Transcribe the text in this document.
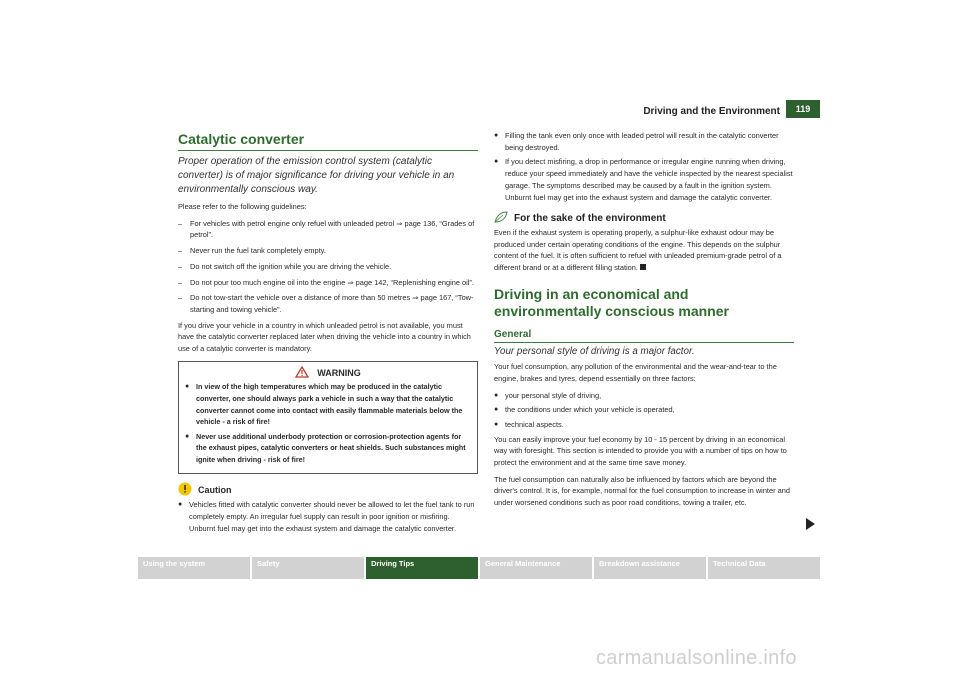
Driving and the Environment	119
Catalytic converter
Proper operation of the emission control system (catalytic converter) is of major significance for driving your vehicle in an environmentally conscious way.

Please refer to the following guidelines:

–	For vehicles with petrol engine only refuel with unleaded petrol ⇒ page 136, “Grades of petrol”.
–	Never run the fuel tank completely empty.
–	Do not switch off the ignition while you are driving the vehicle.
–	Do not pour too much engine oil into the engine ⇒ page 142, “Replenishing engine oil”.
–	Do not tow-start the vehicle over a distance of more than 50 metres ⇒ page 167, “Tow-starting and towing vehicle”.

If you drive your vehicle in a country in which unleaded petrol is not available, you must have the catalytic converter replaced later when driving the vehicle into a country in which use of a catalytic converter is mandatory.

WARNING
● In view of the high temperatures which may be produced in the catalytic converter, one should always park a vehicle in such a way that the catalytic converter cannot come into contact with easily flammable materials below the vehicle - a risk of fire!
● Never use additional underbody protection or corrosion-protection agents for the exhaust pipes, catalytic converters or heat shields. Such substances might ignite when driving - risk of fire!
Caution
● Vehicles fitted with catalytic converter should never be allowed to let the fuel tank to run completely empty. An irregular fuel supply can result in poor ignition or misfiring. Unburnt fuel may get into the exhaust system and damage the catalytic converter.
● Filling the tank even only once with leaded petrol will result in the catalytic converter being destroyed.
● If you detect misfiring, a drop in performance or irregular engine running when driving, reduce your speed immediately and have the vehicle inspected by the nearest specialist garage. The symptoms described may be caused by a fault in the ignition system. Unburnt fuel may get into the exhaust system and damage the catalytic converter.
For the sake of the environment

Even if the exhaust system is operating properly, a sulphur-like exhaust odour may be produced under certain operating conditions of the engine. This depends on the sulphur content of the fuel. It is often sufficient to refuel with unleaded premium-grade petrol of a different brand or at a different filling station.

Driving in an economical and environmentally conscious manner
General
Your personal style of driving is a major factor.

Your fuel consumption, any pollution of the environmental and the wear-and-tear to the engine, brakes and tyres, depend essentially on three factors:

● your personal style of driving,
● the conditions under which your vehicle is operated,
● technical aspects.

You can easily improve your fuel economy by 10 - 15 percent by driving in an economical way with foresight. This section is intended to provide you with a number of tips on how to protect the environment and at the same time save money.

The fuel consumption can naturally also be influenced by factors which are beyond the driver's control. It is, for example, normal for the fuel consumption to increase in winter and under worsened conditions such as poor road conditions, towing a trailer, etc.

Using the system	Safety	Driving Tips	General Maintenance	Breakdown assistance	Technical Data
carmanualsonline.info
